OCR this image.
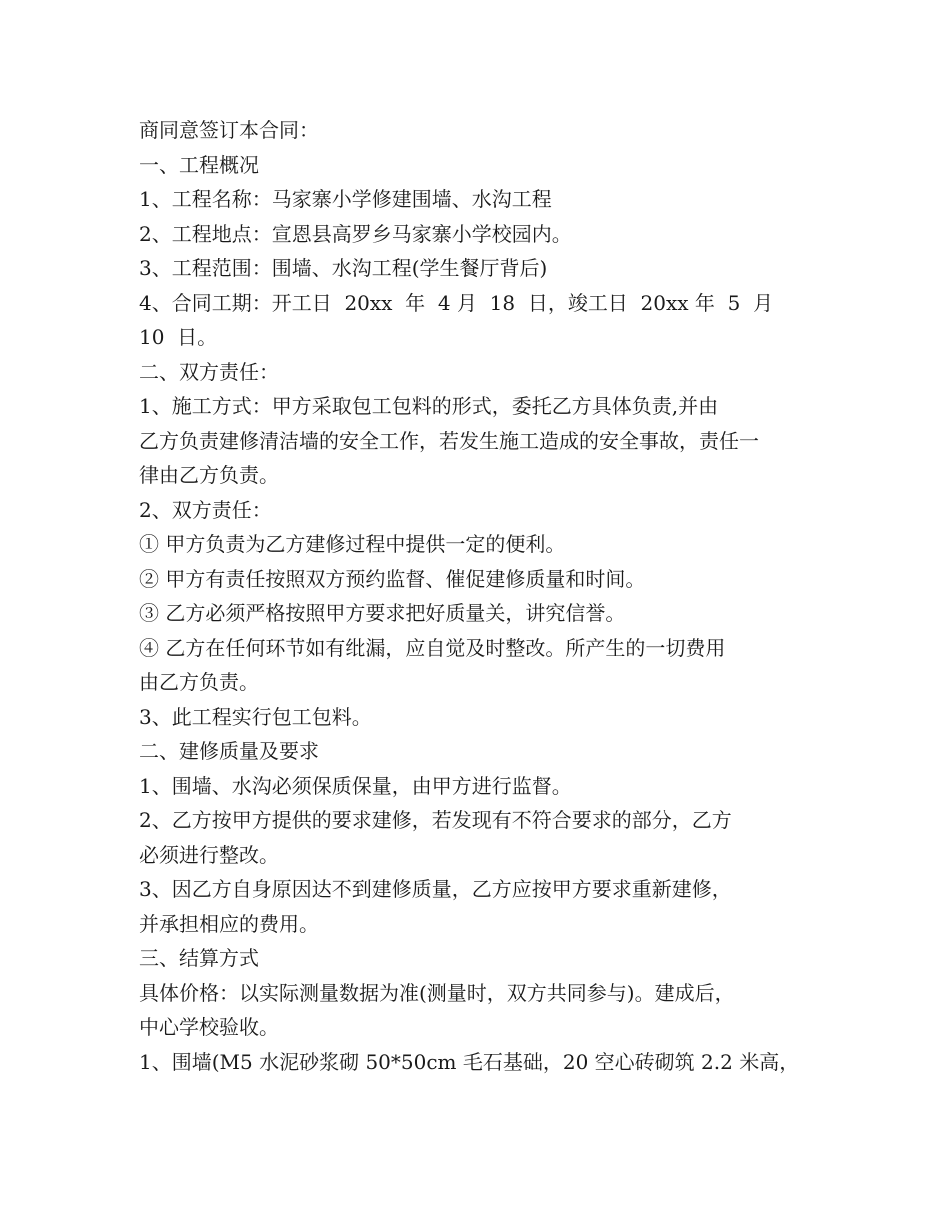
商同意签订本合同：

一、工程概况

1、工程名称：马家寨小学修建围墙、水沟工程

2、工程地点：宣恩县高罗乡马家寨小学校园内。

3、工程范围：围墙、水沟工程(学生餐厅背后)

4、合同工期：开工日  20xx  年  4 月  18  日，竣工日  20xx 年  5  月

10  日。

二、双方责任：

1、施工方式：甲方采取包工包料的形式，委托乙方具体负责,并由

乙方负责建修清洁墙的安全工作，若发生施工造成的安全事故，责任一

律由乙方负责。

2、双方责任：

① 甲方负责为乙方建修过程中提供一定的便利。

② 甲方有责任按照双方预约监督、催促建修质量和时间。

③ 乙方必须严格按照甲方要求把好质量关，讲究信誉。

④ 乙方在任何环节如有纰漏，应自觉及时整改。所产生的一切费用

由乙方负责。

3、此工程实行包工包料。

二、建修质量及要求

1、围墙、水沟必须保质保量，由甲方进行监督。

2、乙方按甲方提供的要求建修，若发现有不符合要求的部分，乙方

必须进行整改。

3、因乙方自身原因达不到建修质量，乙方应按甲方要求重新建修，

并承担相应的费用。

三、结算方式

具体价格：以实际测量数据为准(测量时，双方共同参与)。建成后，

中心学校验收。

1、围墙(M5 水泥砂浆砌 50*50cm 毛石基础，20 空心砖砌筑 2.2 米高，
